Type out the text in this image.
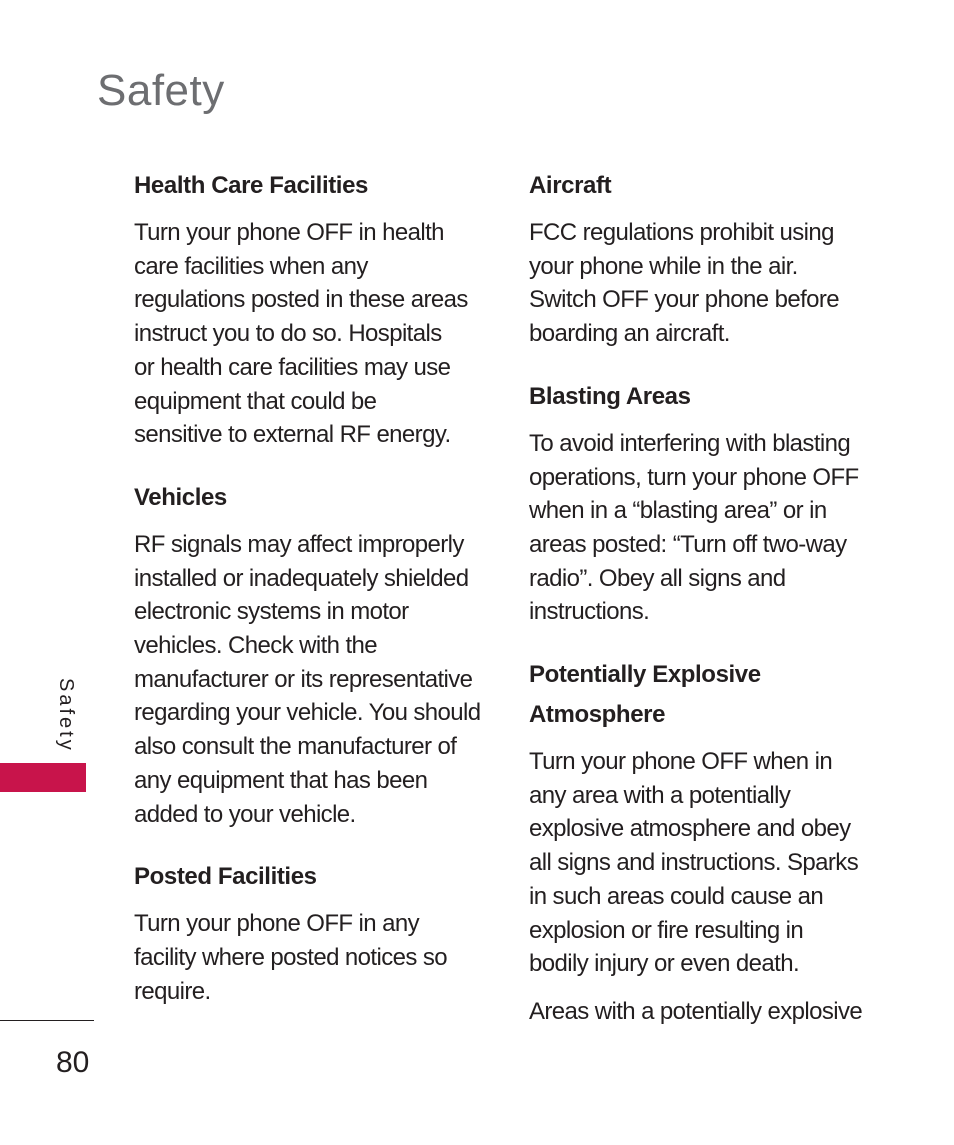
Safety
Health Care Facilities

Turn your phone OFF in health
care facilities when any
regulations posted in these areas
instruct you to do so. Hospitals
or health care facilities may use
equipment that could be
sensitive to external RF energy.

Vehicles

RF signals may affect improperly
installed or inadequately shielded
electronic systems in motor
vehicles. Check with the
manufacturer or its representative
regarding your vehicle. You should
also consult the manufacturer of
any equipment that has been
added to your vehicle.

Posted Facilities

Turn your phone OFF in any
facility where posted notices so
require.

Aircraft

FCC regulations prohibit using
your phone while in the air.
Switch OFF your phone before
boarding an aircraft.

Blasting Areas

To avoid interfering with blasting
operations, turn your phone OFF
when in a “blasting area” or in
areas posted: “Turn off two-way
radio”. Obey all signs and
instructions.

Potentially Explosive
Atmosphere

Turn your phone OFF when in
any area with a potentially
explosive atmosphere and obey
all signs and instructions. Sparks
in such areas could cause an
explosion or fire resulting in
bodily injury or even death.

Areas with a potentially explosive

Safety
80
